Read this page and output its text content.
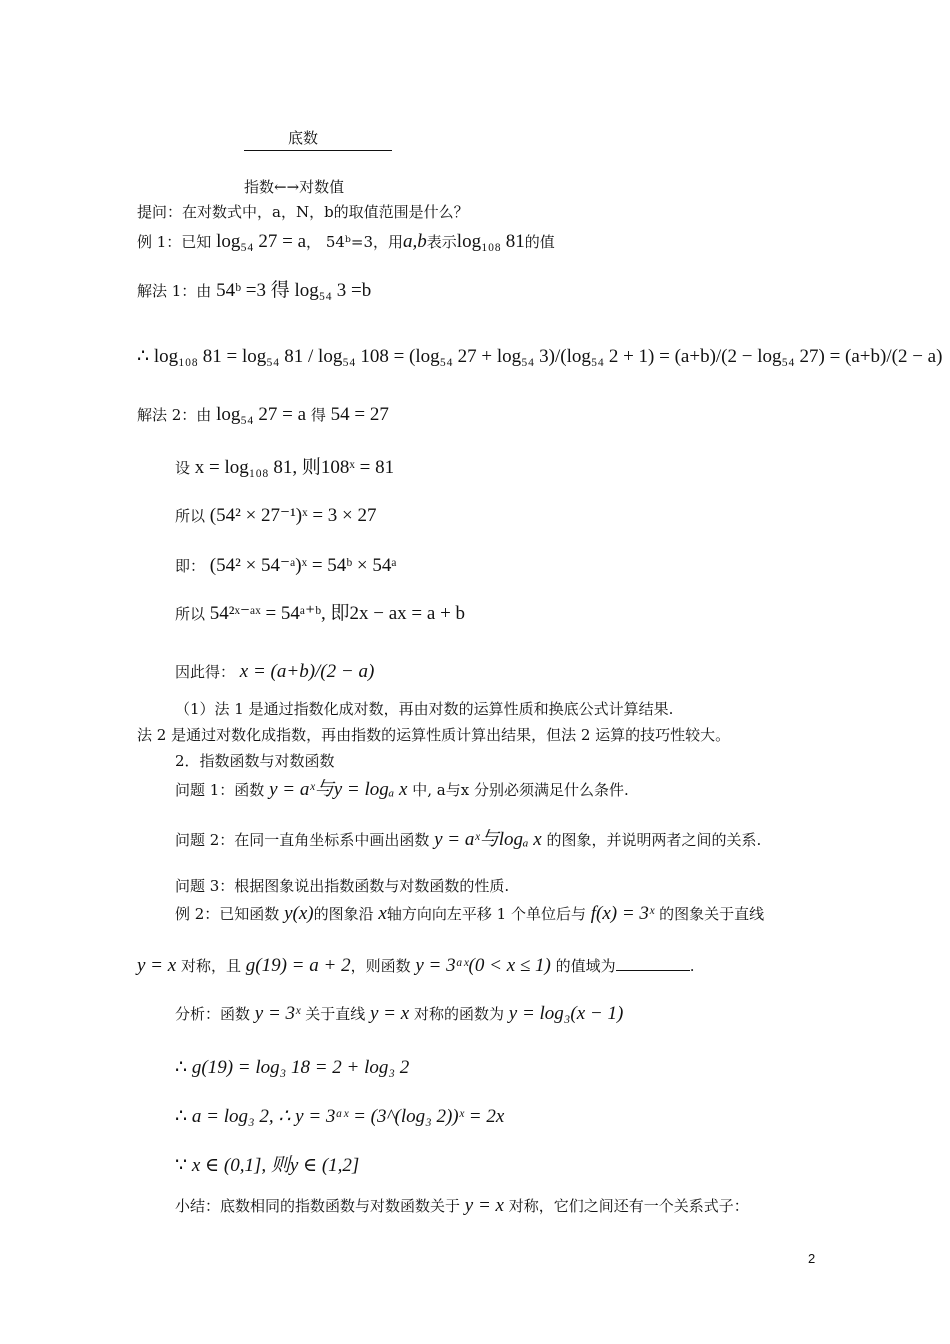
底数
指数←→对数值
提问：在对数式中，a，N，b的取值范围是什么？
例 1：已知 log₅₄ 27 = a， 54ᵇ=3，用a,b表示log₁₀₈ 81的值
解法 1：由 54ᵇ =3 得 log₅₄ 3 =b
∴ log₁₀₈ 81 = log₅₄ 81 / log₅₄ 108 = (log₅₄ 27 + log₅₄ 3)/(log₅₄ 2 + 1) = (a+b)/(2 − log₅₄ 27) = (a+b)/(2 − a)
解法 2：由 log₅₄ 27 = a 得 54 = 27
设 x = log₁₀₈ 81, 则108ˣ = 81
所以 (54² × 27⁻¹)ˣ = 3 × 27
即： (54² × 54⁻ᵃ)ˣ = 54ᵇ × 54ᵃ
所以 54²ˣ⁻ᵃˣ = 54ᵃ⁺ᵇ, 即2x − ax = a + b
因此得： x = (a+b)/(2 − a)
（1）法 1 是通过指数化成对数，再由对数的运算性质和换底公式计算结果.
法 2 是通过对数化成指数，再由指数的运算性质计算出结果，但法 2 运算的技巧性较大。
2．指数函数与对数函数
问题 1：函数 y = aˣ与y = logₐ x 中, a与x 分别必须满足什么条件.
问题 2：在同一直角坐标系中画出函数 y = aˣ与logₐ x 的图象，并说明两者之间的关系.
问题 3：根据图象说出指数函数与对数函数的性质.
例 2：已知函数 y(x)的图象沿 x轴方向向左平移 1 个单位后与 f(x) = 3ˣ 的图象关于直线
y = x 对称，且 g(19) = a + 2，则函数 y = 3ᵃˣ(0 < x ≤ 1) 的值域为	.
分析：函数 y = 3ˣ 关于直线 y = x 对称的函数为 y = log₃(x − 1)
∴ g(19) = log₃ 18 = 2 + log₃ 2
∴ a = log₃ 2, ∴ y = 3ᵃˣ = (3^(log₃ 2))ˣ = 2x
∵ x ∈ (0,1], 则y ∈ (1,2]
小结：底数相同的指数函数与对数函数关于 y = x 对称，它们之间还有一个关系式子：
2
